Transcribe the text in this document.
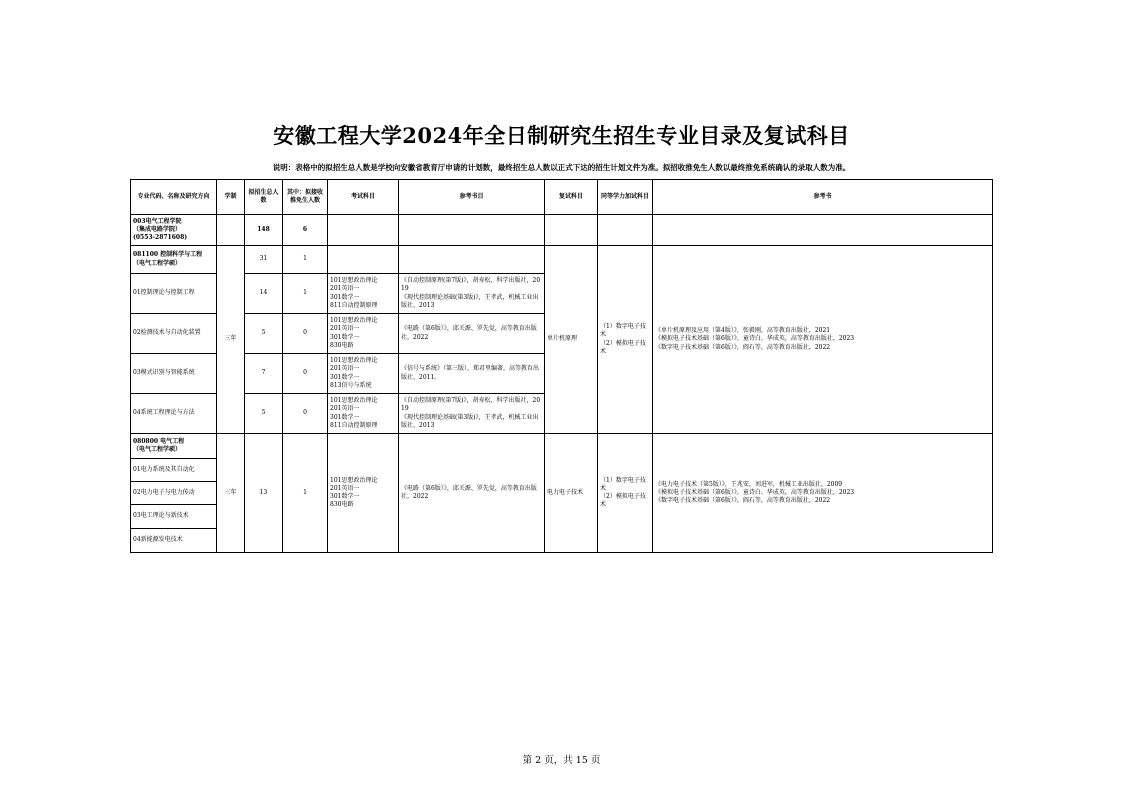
安徽工程大学2024年全日制研究生招生专业目录及复试科目
说明：表格中的拟招生总人数是学校向安徽省教育厅申请的计划数，最终招生总人数以正式下达的招生计划文件为准。拟招收推免生人数以最终推免系统确认的录取人数为准。
专业代码、名称及研究方向	学制	拟招生总人数	其中：拟接收推免生人数	考试科目	参考书目	复试科目	同等学力加试科目	参考书

003电气工程学院
（集成电路学院）
(0553-2871608)		148	6					

081100 控制科学与工程
（电气工程学硕）	三年	31	1			单片机原理	（1）数字电子技术
（2）模拟电子技术	《单片机原理及应用（第4版）》，张毅刚，高等教育出版社，2021
《模拟电子技术基础（第6版）》，童诗白、华成英，高等教育出版社，2023
《数字电子技术基础（第6版）》，阎石等，高等教育出版社，2022

01控制理论与控制工程		14	1	101思想政治理论
201英语一
301数学一
811自动控制原理	《自动控制原理(第7版)》，胡寿松，科学出版社，2019
《现代控制理论基础(第3版)》，王孝武，机械工业出版社，2013			

02检测技术与自动化装置		5	0	101思想政治理论
201英语一
301数学一
830电路	《电路（第6版）》，邱关源、罗先觉，高等教育出版社，2022			

03模式识别与智能系统		7	0	101思想政治理论
201英语一
301数学一
813信号与系统	《信号与系统》（第三版），郑君里编著，高等教育出版社，2011。			

04系统工程理论与方法		5	0	101思想政治理论
201英语一
301数学一
811自动控制原理	《自动控制原理(第7版)》，胡寿松，科学出版社，2019
《现代控制理论基础(第3版)》，王孝武，机械工业出版社，2013			

080800 电气工程
（电气工程学硕）	三年	13	1	101思想政治理论
201英语一
301数学一
830电路	《电路（第6版）》，邱关源、罗先觉，高等教育出版社，2022	电力电子技术	（1）数字电子技术
（2）模拟电子技术	《电力电子技术（第5版）》，王兆安，刘进军，机械工业出版社，2009
《模拟电子技术基础（第6版）》，童诗白、华成英，高等教育出版社，2023
《数字电子技术基础（第6版）》，阎石等，高等教育出版社，2022

01电力系统及其自动化								
02电力电子与电力传动								
03电工理论与新技术								
04新能源发电技术								
第 2 页，共 15 页
